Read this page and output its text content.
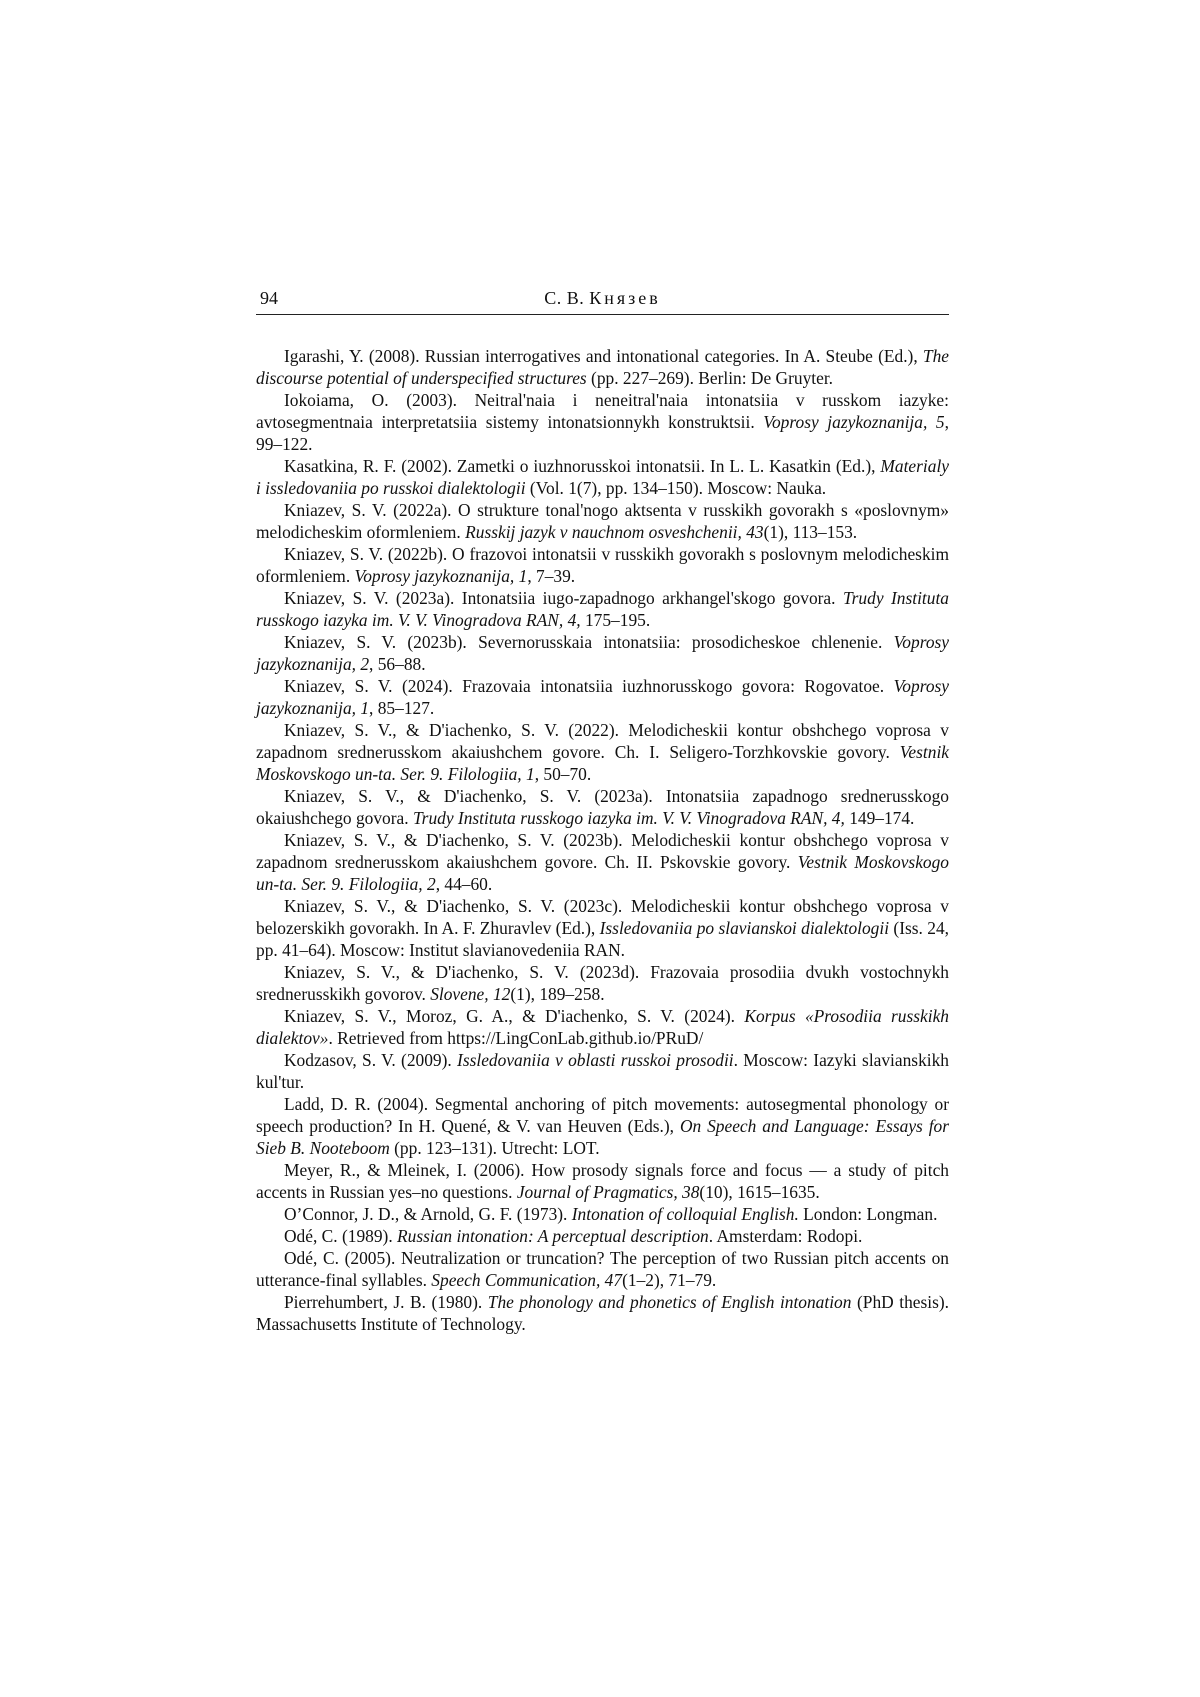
94	С. В. Князев

Igarashi, Y. (2008). Russian interrogatives and intonational categories. In A. Steube (Ed.), The discourse potential of underspecified structures (pp. 227–269). Berlin: De Gruyter.

Iokoiama, O. (2003). Neitral'naia i neneitral'naia intonatsiia v russkom iazyke: avtosegmentnaia interpretatsiia sistemy intonatsionnykh konstruktsii. Voprosy jazykoznanija, 5, 99–122.

Kasatkina, R. F. (2002). Zametki o iuzhnorusskoi intonatsii. In L. L. Kasatkin (Ed.), Materialy i issledovaniia po russkoi dialektologii (Vol. 1(7), pp. 134–150). Moscow: Nauka.

Kniazev, S. V. (2022a). O strukture tonal'nogo aktsenta v russkikh govorakh s «poslovnym» melodicheskim oformleniem. Russkij jazyk v nauchnom osveshchenii, 43(1), 113–153.

Kniazev, S. V. (2022b). O frazovoi intonatsii v russkikh govorakh s poslovnym melodicheskim oformleniem. Voprosy jazykoznanija, 1, 7–39.

Kniazev, S. V. (2023a). Intonatsiia iugo-zapadnogo arkhangel'skogo govora. Trudy Instituta russkogo iazyka im. V. V. Vinogradova RAN, 4, 175–195.

Kniazev, S. V. (2023b). Severnorusskaia intonatsiia: prosodicheskoe chlenenie. Voprosy jazykoznanija, 2, 56–88.

Kniazev, S. V. (2024). Frazovaia intonatsiia iuzhnorusskogo govora: Rogovatoe. Voprosy jazykoznanija, 1, 85–127.

Kniazev, S. V., & D'iachenko, S. V. (2022). Melodicheskii kontur obshchego voprosa v zapadnom srednerusskom akaiushchem govore. Ch. I. Seligero-Torzhkovskie govory. Vestnik Moskovskogo un-ta. Ser. 9. Filologiia, 1, 50–70.

Kniazev, S. V., & D'iachenko, S. V. (2023a). Intonatsiia zapadnogo srednerusskogo okaiushchego govora. Trudy Instituta russkogo iazyka im. V. V. Vinogradova RAN, 4, 149–174.

Kniazev, S. V., & D'iachenko, S. V. (2023b). Melodicheskii kontur obshchego voprosa v zapadnom srednerusskom akaiushchem govore. Ch. II. Pskovskie govory. Vestnik Moskovskogo un-ta. Ser. 9. Filologiia, 2, 44–60.

Kniazev, S. V., & D'iachenko, S. V. (2023c). Melodicheskii kontur obshchego voprosa v belozerskikh govorakh. In A. F. Zhuravlev (Ed.), Issledovaniia po slavianskoi dialektologii (Iss. 24, pp. 41–64). Moscow: Institut slavianovedeniia RAN.

Kniazev, S. V., & D'iachenko, S. V. (2023d). Frazovaia prosodiia dvukh vostochnykh srednerusskikh govorov. Slovene, 12(1), 189–258.

Kniazev, S. V., Moroz, G. A., & D'iachenko, S. V. (2024). Korpus «Prosodiia russkikh dialektov». Retrieved from https://LingConLab.github.io/PRuD/

Kodzasov, S. V. (2009). Issledovaniia v oblasti russkoi prosodii. Moscow: Iazyki slavianskikh kul'tur.

Ladd, D. R. (2004). Segmental anchoring of pitch movements: autosegmental phonology or speech production? In H. Quené, & V. van Heuven (Eds.), On Speech and Language: Essays for Sieb B. Nooteboom (pp. 123–131). Utrecht: LOT.

Meyer, R., & Mleinek, I. (2006). How prosody signals force and focus — a study of pitch accents in Russian yes–no questions. Journal of Pragmatics, 38(10), 1615–1635.

O’Connor, J. D., & Arnold, G. F. (1973). Intonation of colloquial English. London: Longman.

Odé, C. (1989). Russian intonation: A perceptual description. Amsterdam: Rodopi.

Odé, C. (2005). Neutralization or truncation? The perception of two Russian pitch accents on utterance-final syllables. Speech Communication, 47(1–2), 71–79.

Pierrehumbert, J. B. (1980). The phonology and phonetics of English intonation (PhD thesis). Massachusetts Institute of Technology.
